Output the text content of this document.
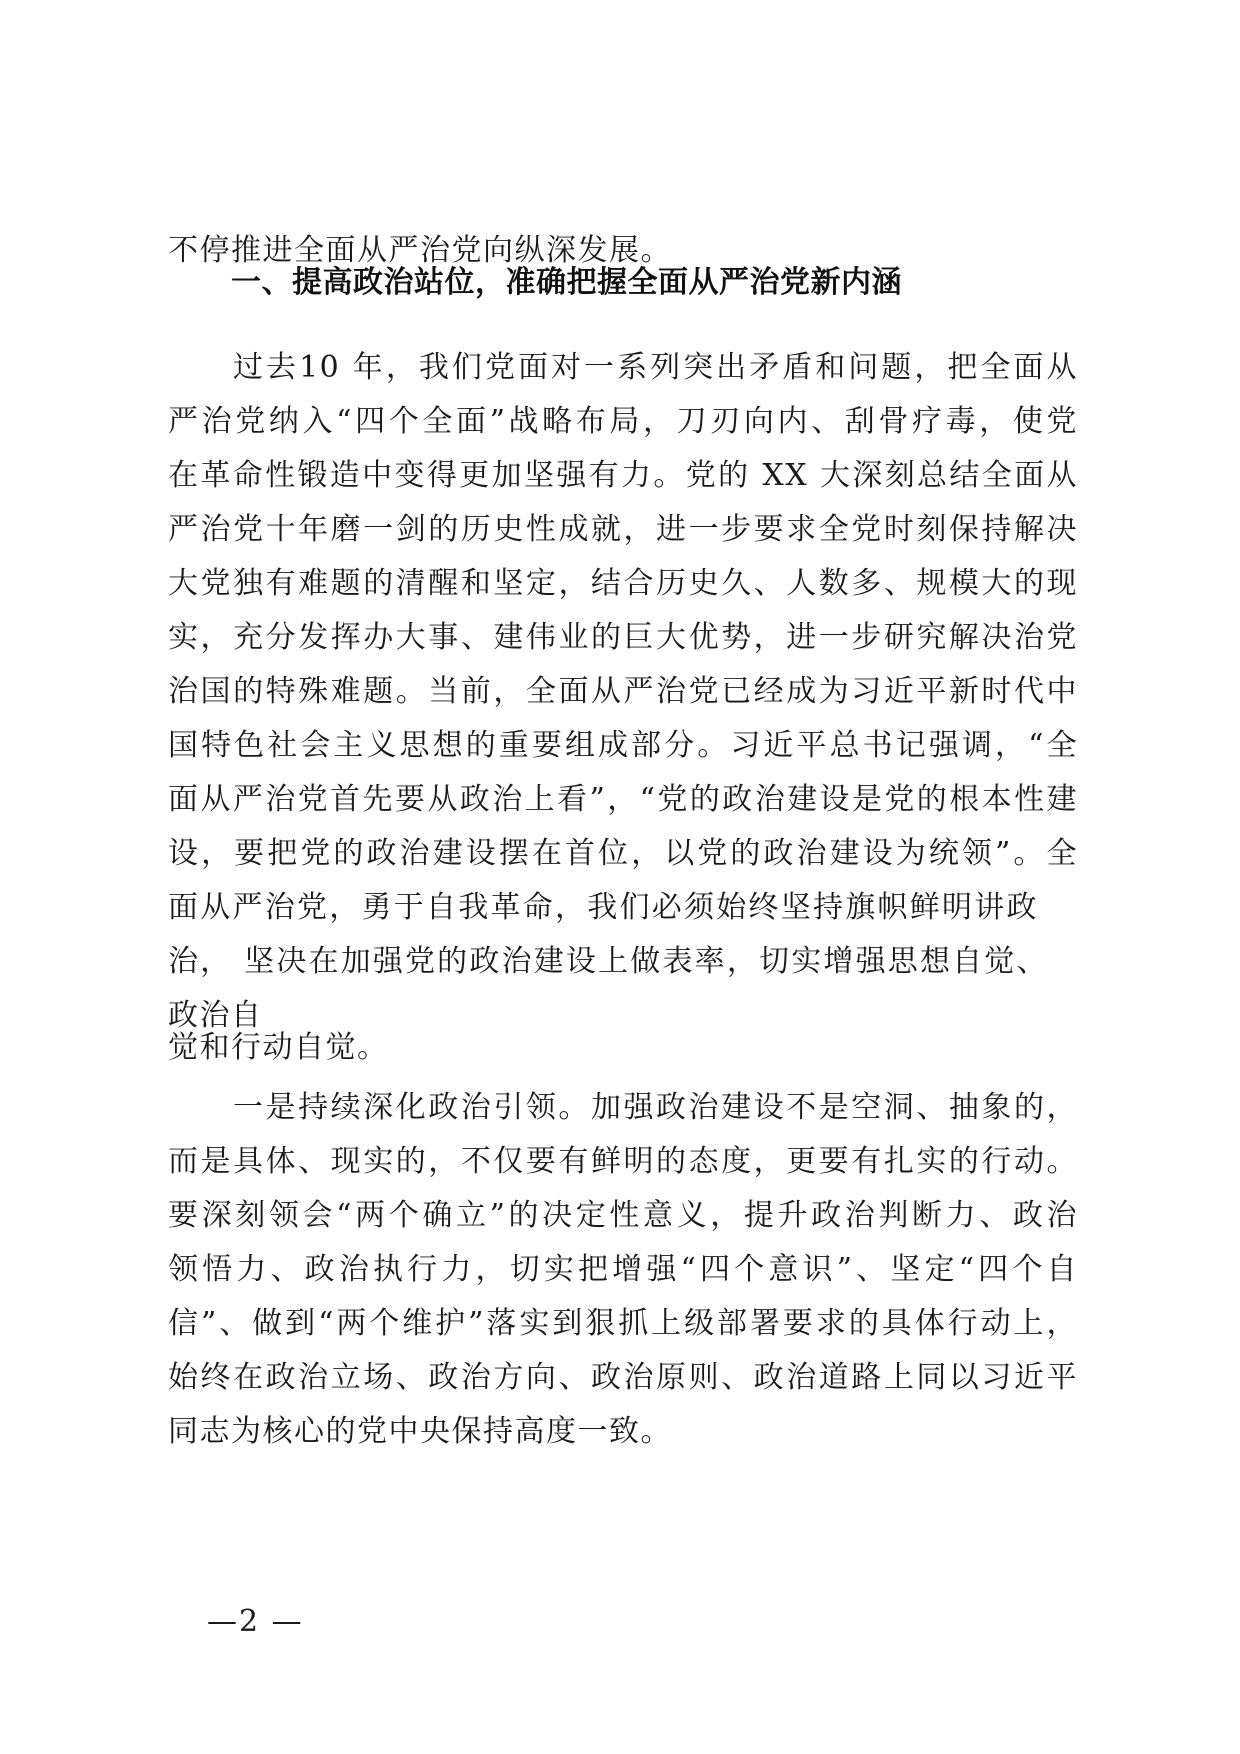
不停推进全面从严治党向纵深发展。
一、提高政治站位，准确把握全面从严治党新内涵
过去10 年，我们党面对一系列突出矛盾和问题，把全面从
严治党纳入“四个全面”战略布局，刀刃向内、刮骨疗毒，使党
在革命性锻造中变得更加坚强有力。党的 XX 大深刻总结全面从
严治党十年磨一剑的历史性成就，进一步要求全党时刻保持解决
大党独有难题的清醒和坚定，结合历史久、人数多、规模大的现
实，充分发挥办大事、建伟业的巨大优势，进一步研究解决治党
治国的特殊难题。当前，全面从严治党已经成为习近平新时代中
国特色社会主义思想的重要组成部分。习近平总书记强调，“全
面从严治党首先要从政治上看”，“党的政治建设是党的根本性建
设，要把党的政治建设摆在首位，以党的政治建设为统领”。全
面从严治党，勇于自我革命，我们必须始终坚持旗帜鲜明讲政
治， 坚决在加强党的政治建设上做表率，切实增强思想自觉、
政治自
觉和行动自觉。
一是持续深化政治引领。加强政治建设不是空洞、抽象的，
而是具体、现实的，不仅要有鲜明的态度，更要有扎实的行动。
要深刻领会“两个确立”的决定性意义，提升政治判断力、政治
领悟力、政治执行力，切实把增强“四个意识”、坚定“四个自
信”、做到“两个维护”落实到狠抓上级部署要求的具体行动上，
始终在政治立场、政治方向、政治原则、政治道路上同以习近平
同志为核心的党中央保持高度一致。
—2 —
